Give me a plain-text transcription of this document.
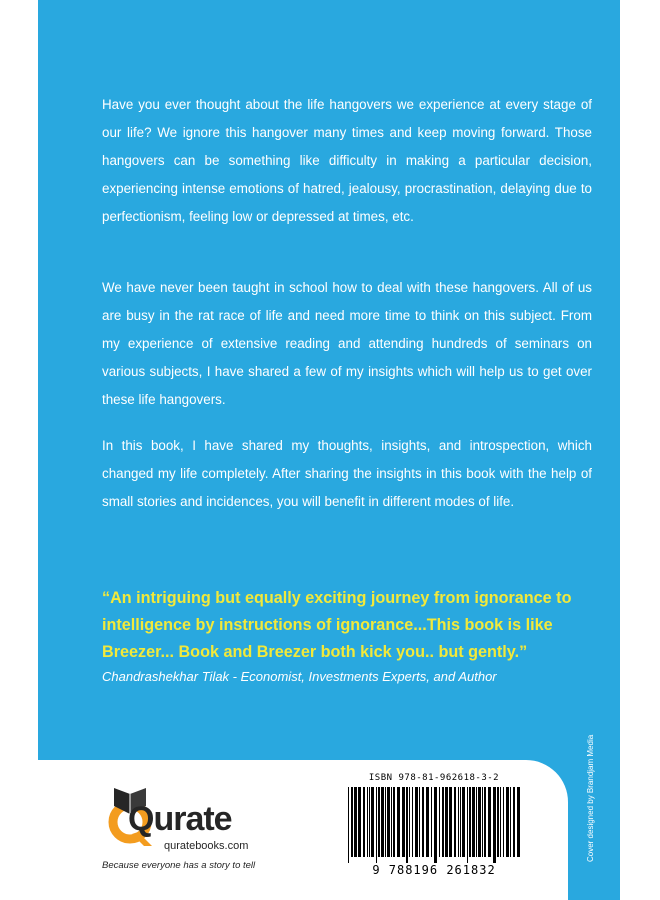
Have you ever thought about the life hangovers we experience at every stage of our life? We ignore this hangover many times and keep moving forward. Those hangovers can be something like difficulty in making a particular decision, experiencing intense emotions of hatred, jealousy, procrastination, delaying due to perfectionism, feeling low or depressed at times, etc.

We have never been taught in school how to deal with these hangovers. All of us are busy in the rat race of life and need more time to think on this subject. From my experience of extensive reading and attending hundreds of seminars on various subjects, I have shared a few of my insights which will help us to get over these life hangovers.

In this book, I have shared my thoughts, insights, and introspection, which changed my life completely. After sharing the insights in this book with the help of small stories and incidences, you will benefit in different modes of life.

“An intriguing but equally exciting journey from ignorance to intelligence by instructions of ignorance...This book is like Breezer... Book and Breezer both kick you.. but gently.”

Chandrashekhar Tilak - Economist, Investments Experts, and Author

Cover designed by Brandjam Media
Qurate
quratebooks.com
Because everyone has a story to tell
ISBN 978-81-962618-3-2
9 788196 261832
